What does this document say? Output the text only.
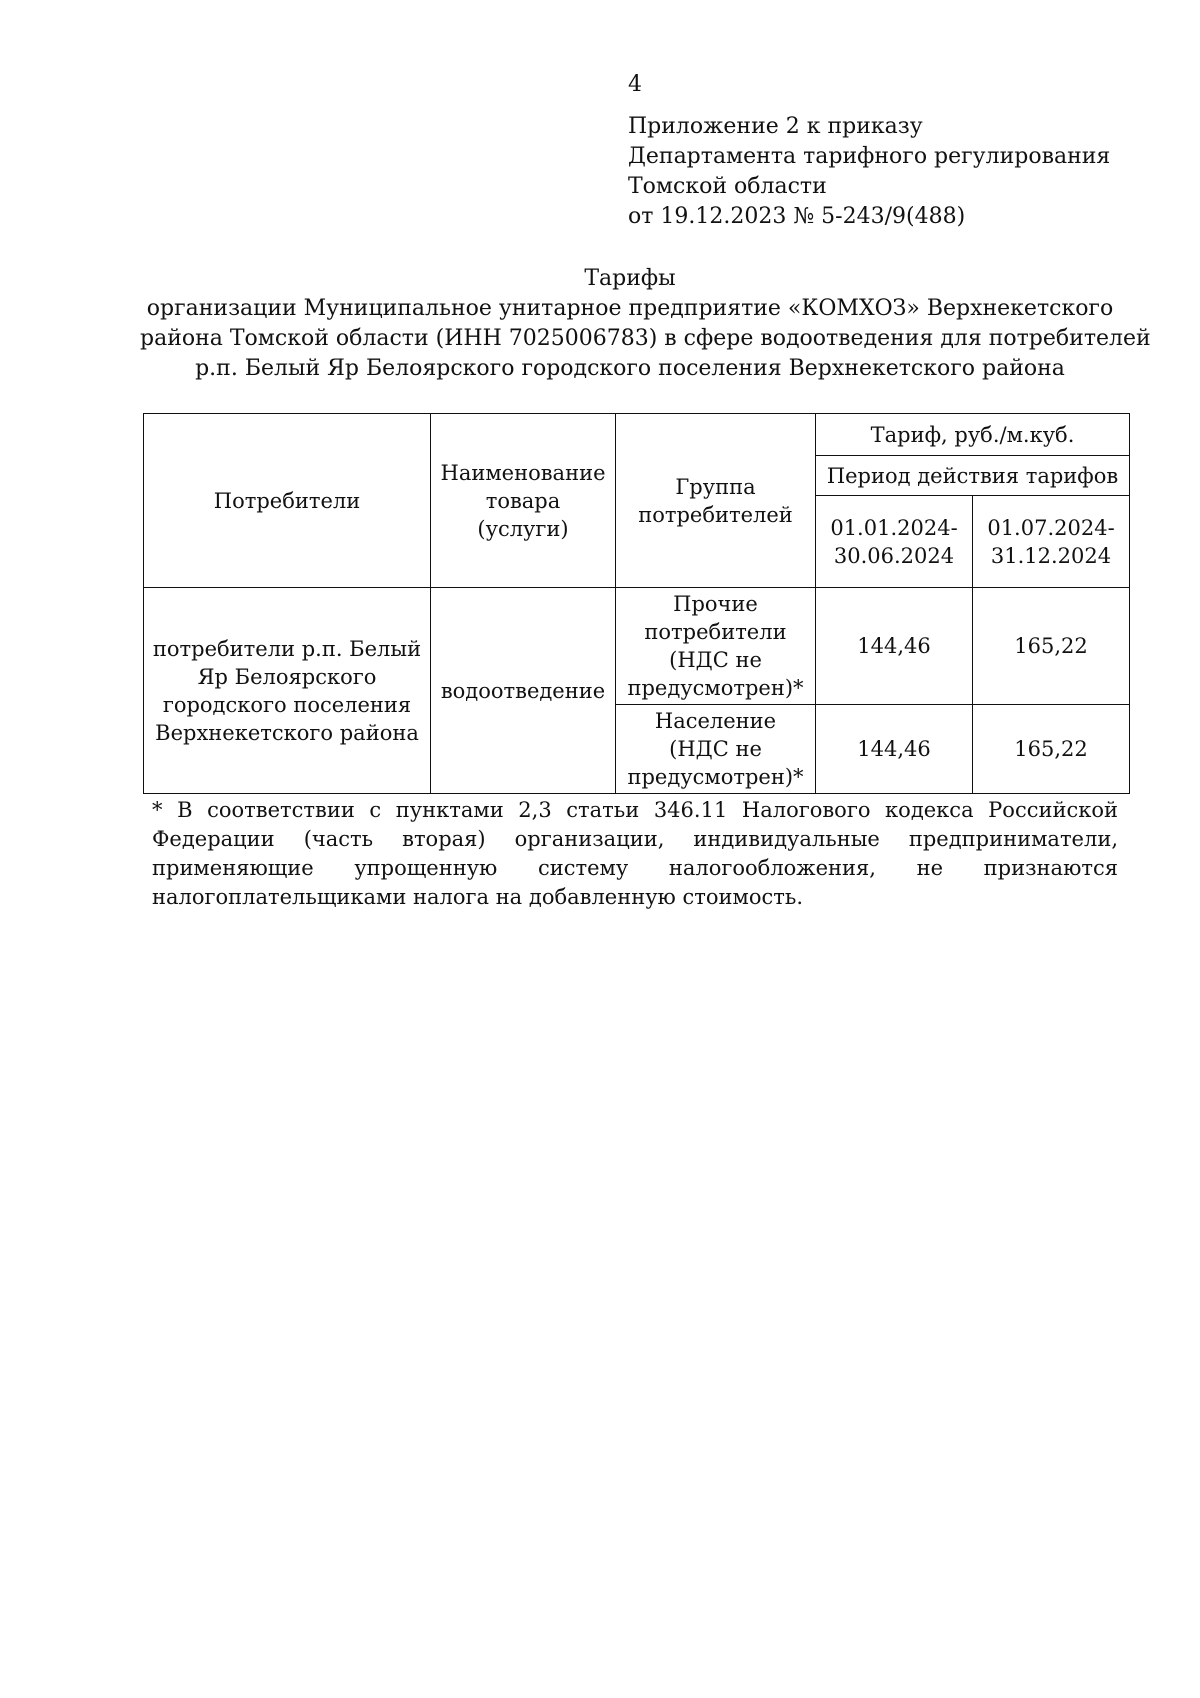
4
Приложение 2 к приказу
Департамента тарифного регулирования
Томской области
от 19.12.2023 № 5-243/9(488)
Тарифы
организации Муниципальное унитарное предприятие «КОМХОЗ» Верхнекетского
района Томской области (ИНН 7025006783) в сфере водоотведения для потребителей
р.п. Белый Яр Белоярского городского поселения Верхнекетского района
Потребители	Наименование товара (услуги)	Группа потребителей	Тариф, руб./м.куб.	
			Период действия тарифов	
			01.01.2024-30.06.2024	01.07.2024-31.12.2024
потребители р.п. Белый Яр Белоярского городского поселения Верхнекетского района	водоотведение	Прочие потребители (НДС не предусмотрен)*	144,46	165,22
		Население (НДС не предусмотрен)*	144,46	165,22
* В соответствии с пунктами 2,3 статьи 346.11 Налогового кодекса Российской Федерации (часть вторая) организации, индивидуальные предприниматели, применяющие упрощенную систему налогообложения, не признаются налогоплательщиками налога на добавленную стоимость.
